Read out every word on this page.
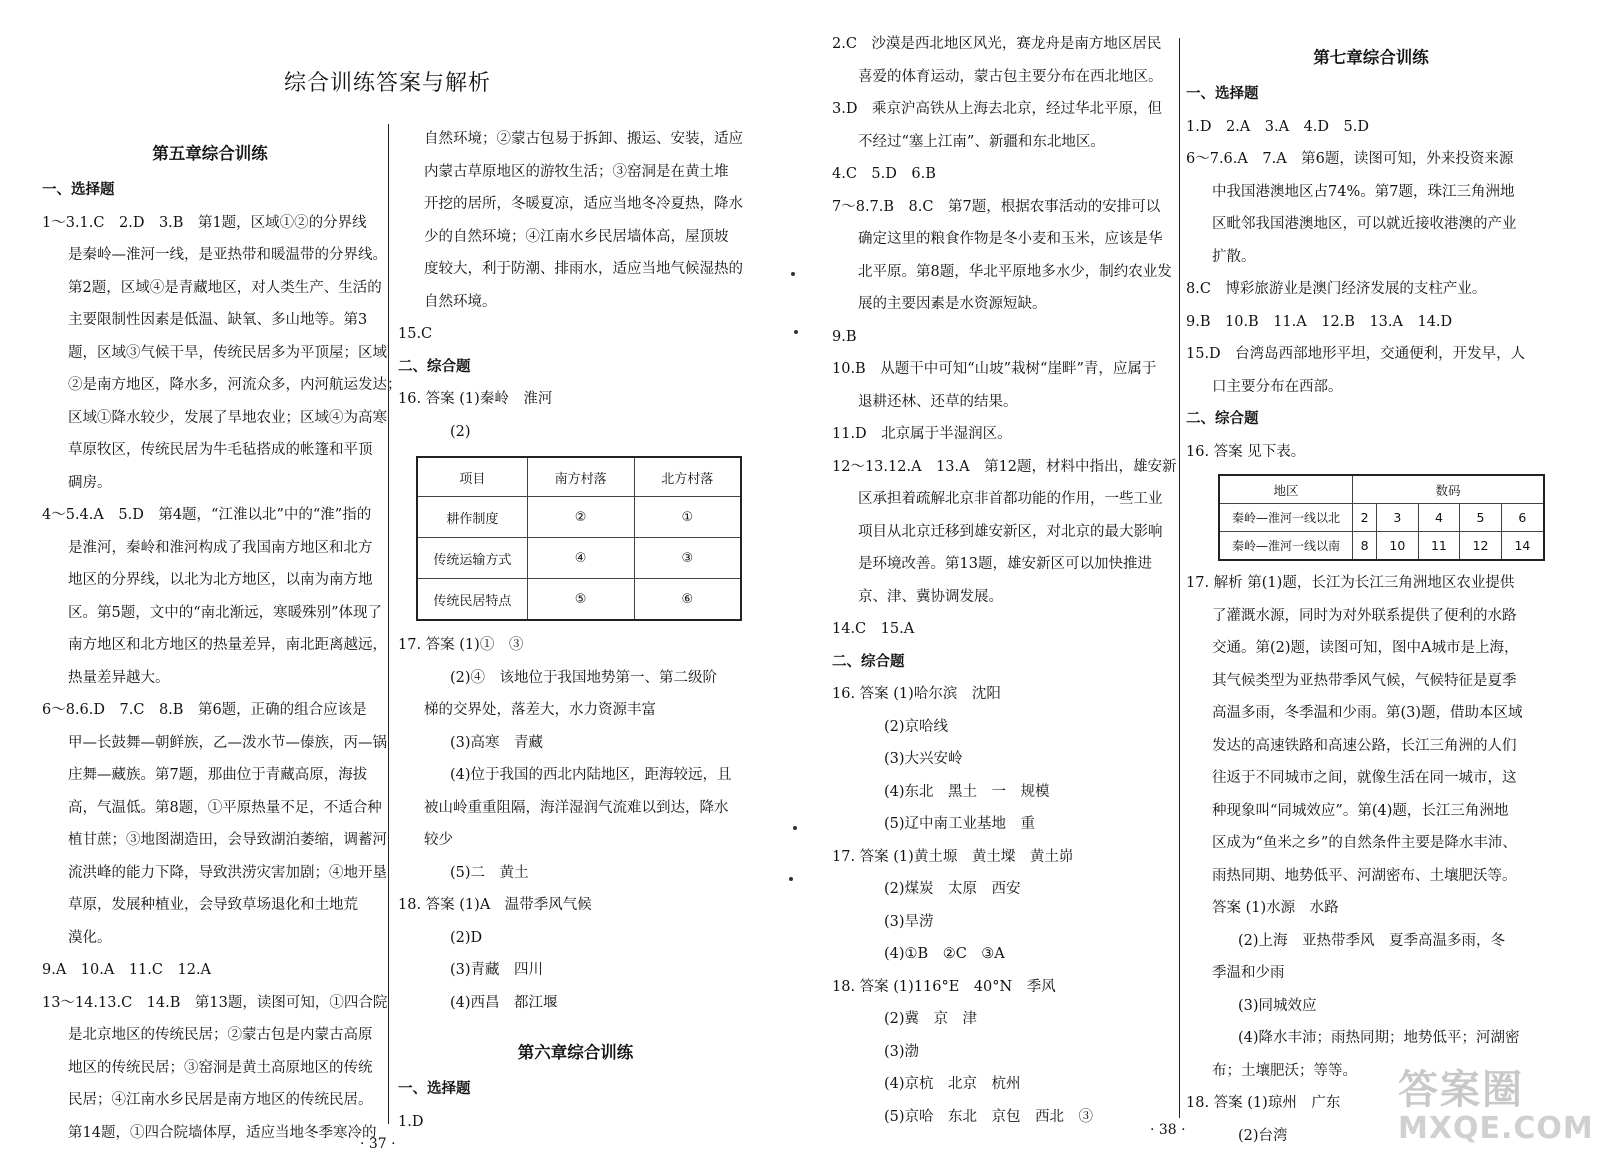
综合训练答案与解析
第五章综合训练
一、选择题
1～3.1.C　2.D　3.B　第1题，区域①②的分界线
是秦岭—淮河一线，是亚热带和暖温带的分界线。
第2题，区域④是青藏地区，对人类生产、生活的
主要限制性因素是低温、缺氧、多山地等。第3
题，区域③气候干旱，传统民居多为平顶屋；区域
②是南方地区，降水多，河流众多，内河航运发达；
区域①降水较少，发展了旱地农业；区域④为高寒
草原牧区，传统民居为牛毛毡搭成的帐篷和平顶
碉房。
4～5.4.A　5.D　第4题，“江淮以北”中的“淮”指的
是淮河，秦岭和淮河构成了我国南方地区和北方
地区的分界线，以北为北方地区，以南为南方地
区。第5题，文中的“南北渐远，寒暖殊别”体现了
南方地区和北方地区的热量差异，南北距离越远，
热量差异越大。
6～8.6.D　7.C　8.B　第6题，正确的组合应该是
甲—长鼓舞—朝鲜族，乙—泼水节—傣族，丙—锅
庄舞—藏族。第7题，那曲位于青藏高原，海拔
高，气温低。第8题，①平原热量不足，不适合种
植甘蔗；③地图湖造田，会导致湖泊萎缩，调蓄河
流洪峰的能力下降，导致洪涝灾害加剧；④地开垦
草原，发展种植业，会导致草场退化和土地荒
漠化。
9.A　10.A　11.C　12.A
13～14.13.C　14.B　第13题，读图可知，①四合院
是北京地区的传统民居；②蒙古包是内蒙古高原
地区的传统民居；③窑洞是黄土高原地区的传统
民居；④江南水乡民居是南方地区的传统民居。
第14题，①四合院墙体厚，适应当地冬季寒冷的
自然环境；②蒙古包易于拆卸、搬运、安装，适应
内蒙古草原地区的游牧生活；③窑洞是在黄土堆
开挖的居所，冬暖夏凉，适应当地冬冷夏热，降水
少的自然环境；④江南水乡民居墙体高，屋顶坡
度较大，利于防潮、排雨水，适应当地气候湿热的
自然环境。
15.C
二、综合题
16. 答案 (1)秦岭　淮河
(2)
项目	南方村落	北方村落
耕作制度	②	①
传统运输方式	④	③
传统民居特点	⑤	⑥
17. 答案 (1)①　③
(2)④　该地位于我国地势第一、第二级阶
梯的交界处，落差大，水力资源丰富
(3)高寒　青藏
(4)位于我国的西北内陆地区，距海较远，且
被山岭重重阻隔，海洋湿润气流难以到达，降水
较少
(5)二　黄土
18. 答案 (1)A　温带季风气候
(2)D
(3)青藏　四川
(4)西昌　都江堰
第六章综合训练
一、选择题
1.D
· 37 ·
2.C　沙漠是西北地区风光，赛龙舟是南方地区居民
喜爱的体育运动，蒙古包主要分布在西北地区。
3.D　乘京沪高铁从上海去北京，经过华北平原，但
不经过“塞上江南”、新疆和东北地区。
4.C　5.D　6.B
7～8.7.B　8.C　第7题，根据农事活动的安排可以
确定这里的粮食作物是冬小麦和玉米，应该是华
北平原。第8题，华北平原地多水少，制约农业发
展的主要因素是水资源短缺。
9.B
10.B　从题干中可知“山坡”栽树“崖畔”青，应属于
退耕还林、还草的结果。
11.D　北京属于半湿润区。
12～13.12.A　13.A　第12题，材料中指出，雄安新
区承担着疏解北京非首都功能的作用，一些工业
项目从北京迁移到雄安新区，对北京的最大影响
是环境改善。第13题，雄安新区可以加快推进
京、津、冀协调发展。
14.C　15.A
二、综合题
16. 答案 (1)哈尔滨　沈阳
(2)京哈线
(3)大兴安岭
(4)东北　黑土　一　规模
(5)辽中南工业基地　重
17. 答案 (1)黄土塬　黄土墚　黄土峁
(2)煤炭　太原　西安
(3)旱涝
(4)①B　②C　③A
18. 答案 (1)116°E　40°N　季风
(2)冀　京　津
(3)渤
(4)京杭　北京　杭州
(5)京哈　东北　京包　西北　③
第七章综合训练
一、选择题
1.D　2.A　3.A　4.D　5.D
6～7.6.A　7.A　第6题，读图可知，外来投资来源
中我国港澳地区占74%。第7题，珠江三角洲地
区毗邻我国港澳地区，可以就近接收港澳的产业
扩散。
8.C　博彩旅游业是澳门经济发展的支柱产业。
9.B　10.B　11.A　12.B　13.A　14.D
15.D　台湾岛西部地形平坦，交通便利，开发早，人
口主要分布在西部。
二、综合题
16. 答案 见下表。
地区	数码				
秦岭—淮河一线以北	2	3	4	5	6
秦岭—淮河一线以南	8	10	11	12	14
17. 解析 第(1)题，长江为长江三角洲地区农业提供
了灌溉水源，同时为对外联系提供了便利的水路
交通。第(2)题，读图可知，图中A城市是上海，
其气候类型为亚热带季风气候，气候特征是夏季
高温多雨，冬季温和少雨。第(3)题，借助本区域
发达的高速铁路和高速公路，长江三角洲的人们
往返于不同城市之间，就像生活在同一城市，这
种现象叫“同城效应”。第(4)题，长江三角洲地
区成为“鱼米之乡”的自然条件主要是降水丰沛、
雨热同期、地势低平、河湖密布、土壤肥沃等。
答案 (1)水源　水路
(2)上海　亚热带季风　夏季高温多雨，冬
季温和少雨
(3)同城效应
(4)降水丰沛；雨热同期；地势低平；河湖密
布；土壤肥沃；等等。
18. 答案 (1)琼州　广东
(2)台湾
· 38 ·
答案圈
MXQE.COM
